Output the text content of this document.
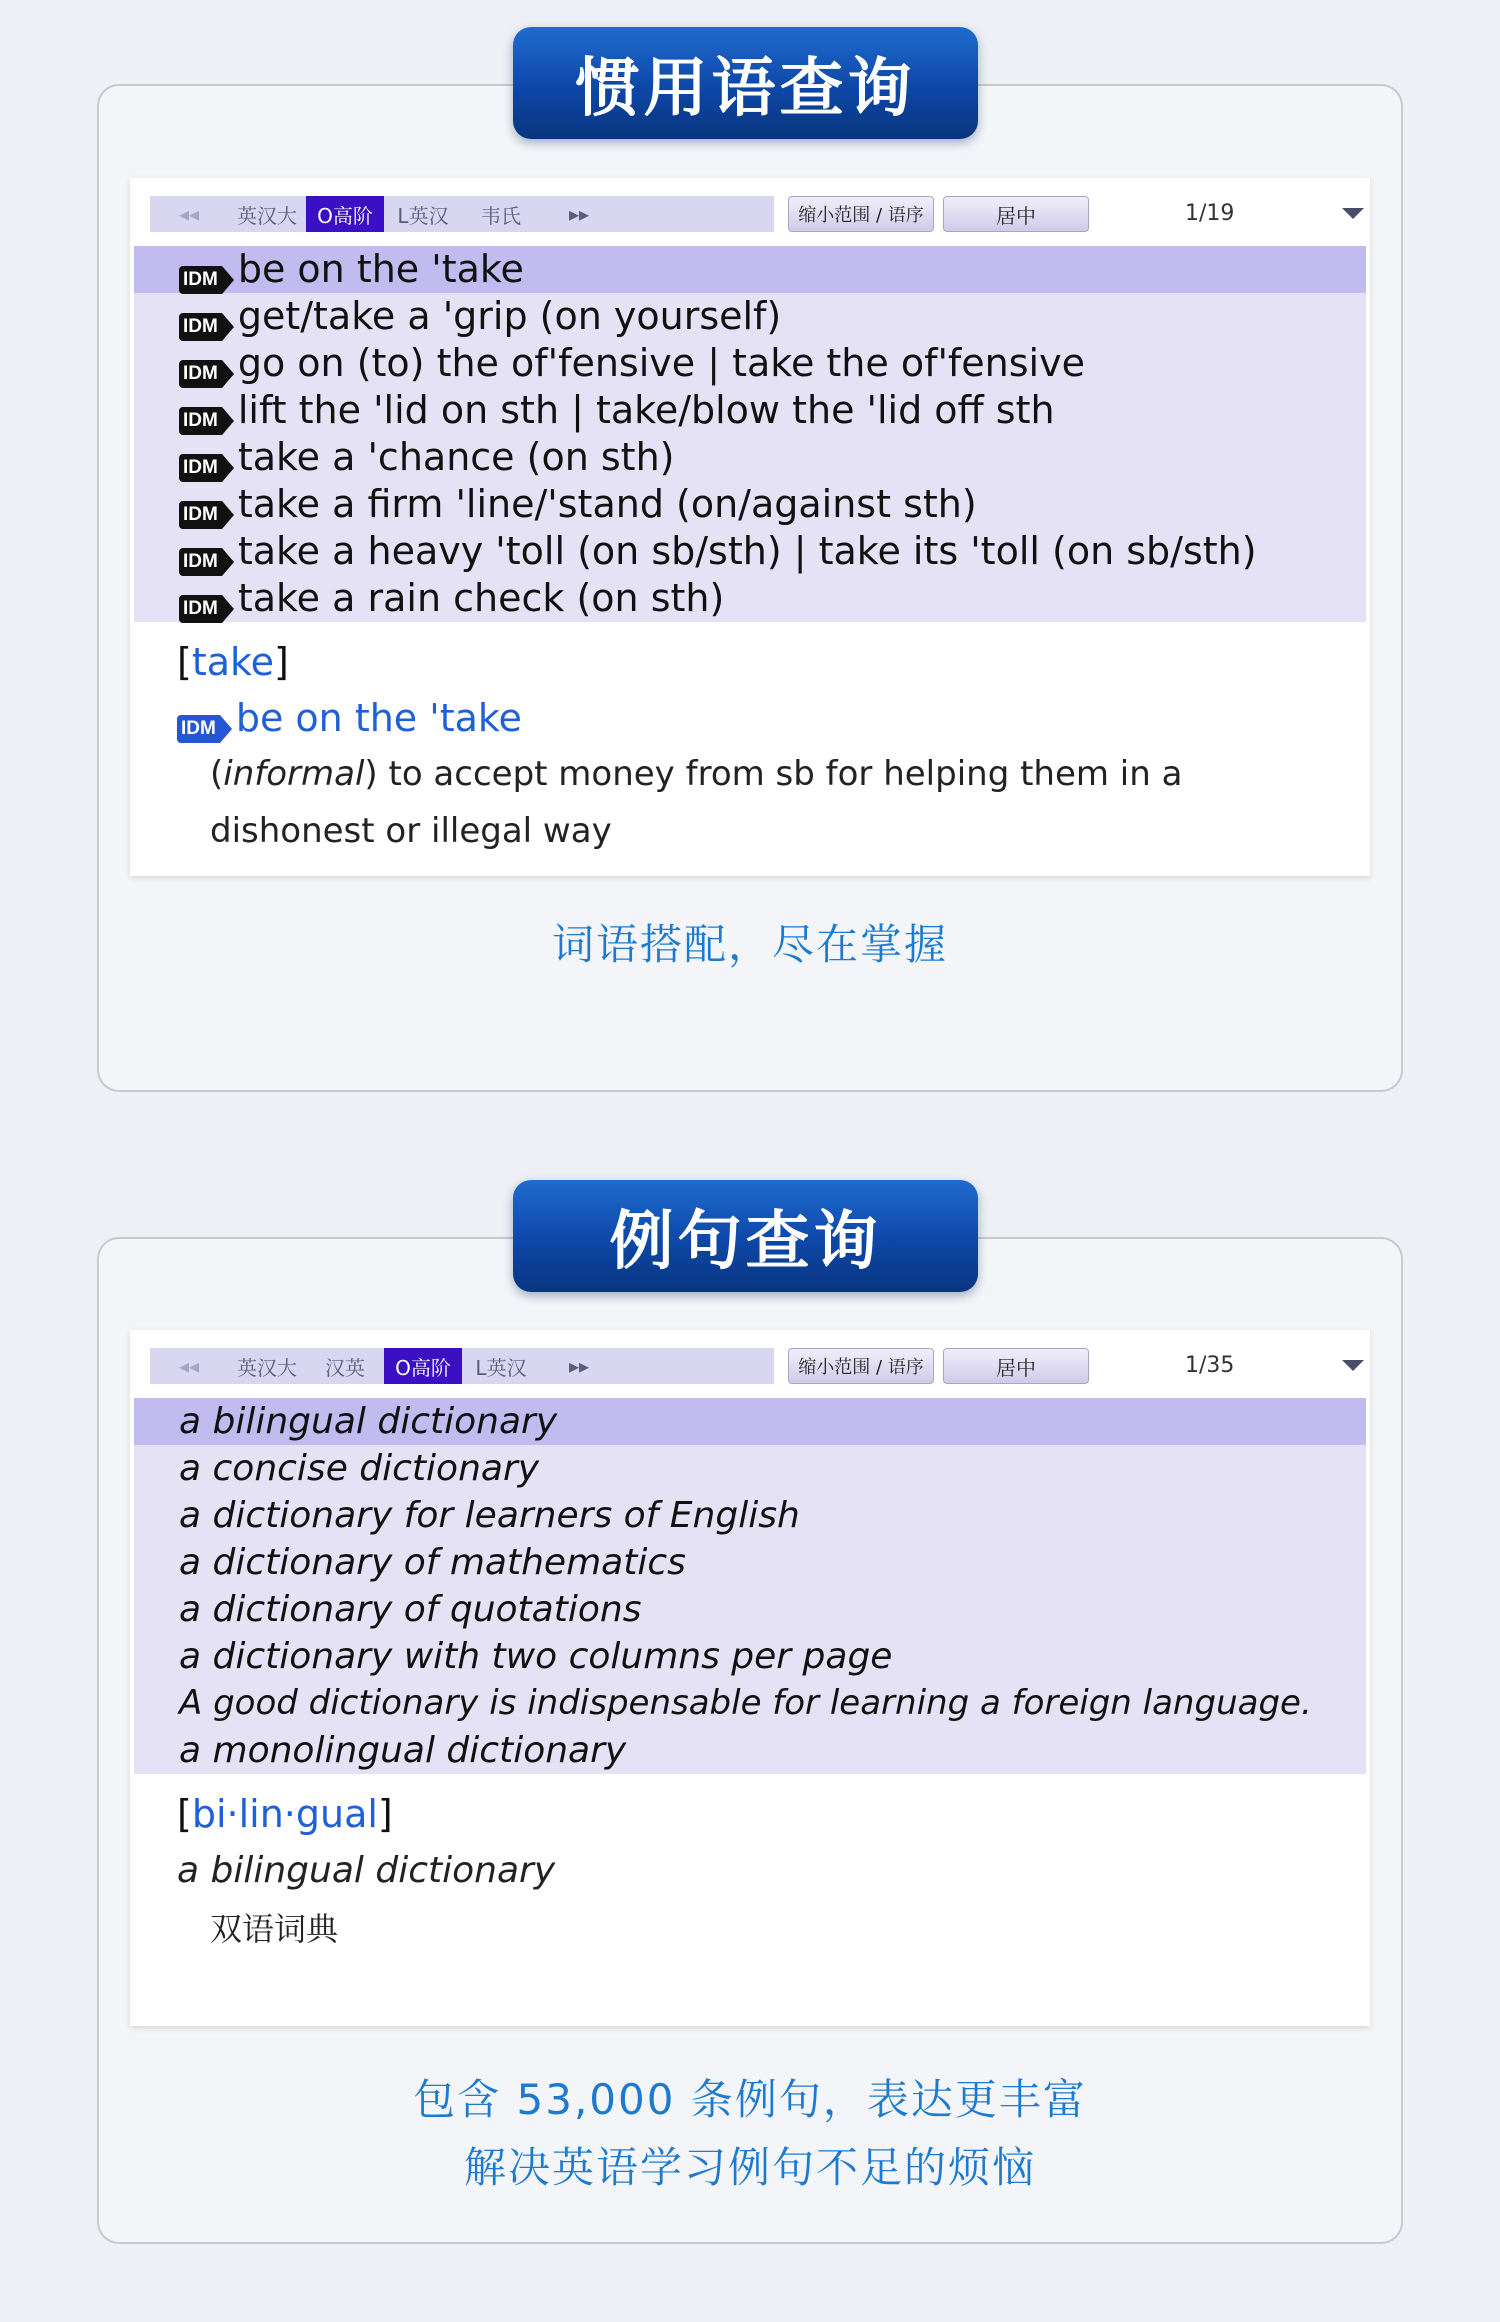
惯用语查询
◂◂	英汉大	O高阶	L英汉	韦氏	▸▸	缩小范围 / 语序	居中	1/19
IDM be on the 'take
IDM get/take a 'grip (on yourself)
IDM go on (to) the of'fensive | take the of'fensive
IDM lift the 'lid on sth | take/blow the 'lid off sth
IDM take a 'chance (on sth)
IDM take a firm 'line/'stand (on/against sth)
IDM take a heavy 'toll (on sb/sth) | take its 'toll (on sb/sth)
IDM take a rain check (on sth)
[take]
IDM be on the 'take
(informal) to accept money from sb for helping them in a
dishonest or illegal way
词语搭配，尽在掌握
例句查询
◂◂	英汉大	汉英	O高阶	L英汉	▸▸	缩小范围 / 语序	居中	1/35
a bilingual dictionary
a concise dictionary
a dictionary for learners of English
a dictionary of mathematics
a dictionary of quotations
a dictionary with two columns per page
A good dictionary is indispensable for learning a foreign language.
a monolingual dictionary
[bi·lin·gual]
a bilingual dictionary
双语词典
包含 53,000 条例句，表达更丰富
解决英语学习例句不足的烦恼
